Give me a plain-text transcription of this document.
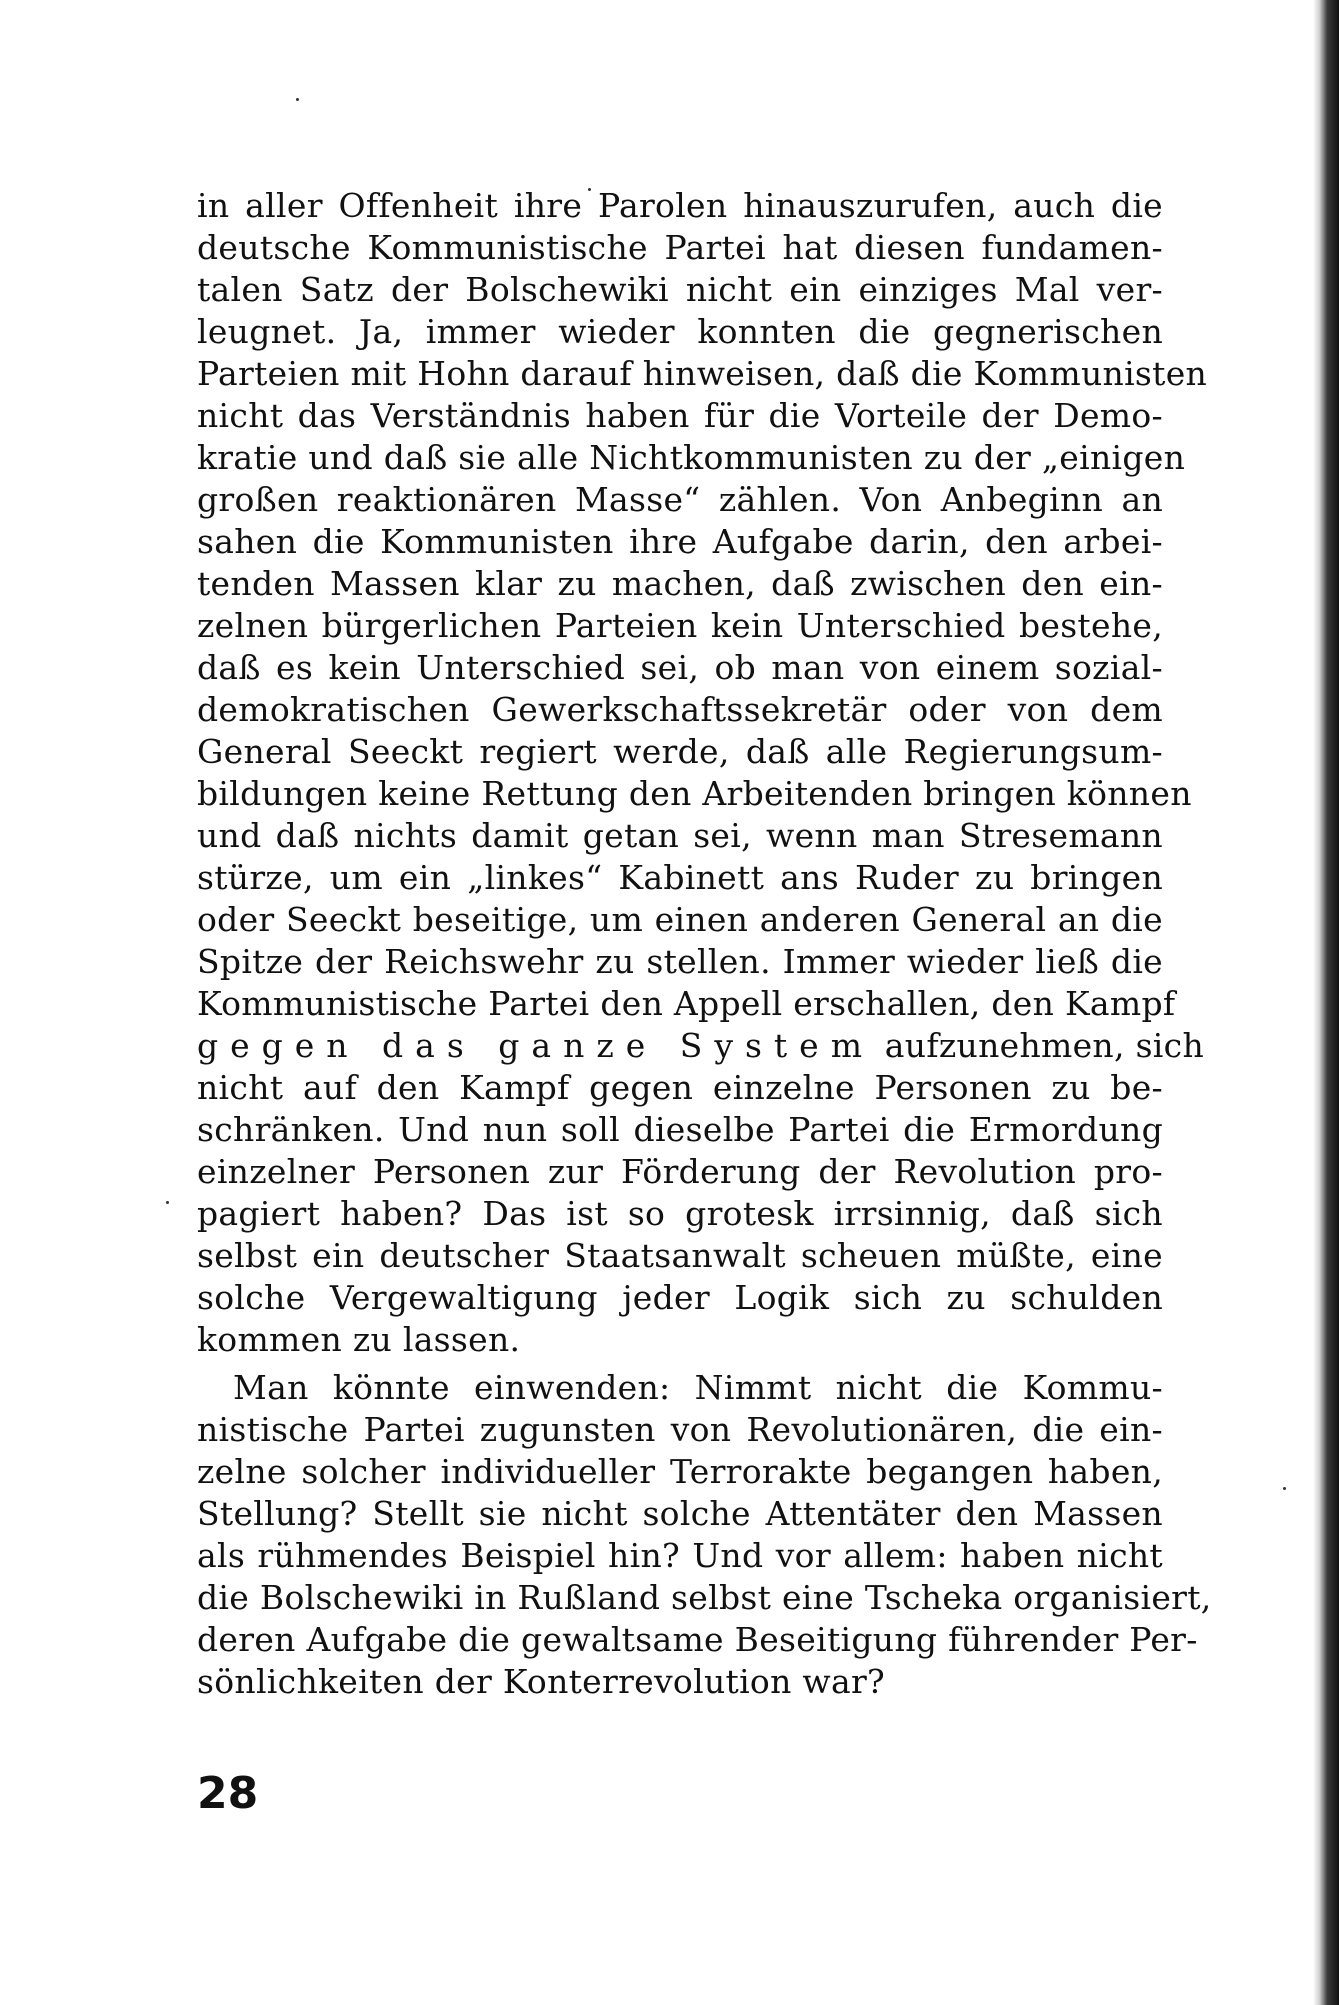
in aller Offenheit ihre Parolen hinauszurufen, auch die
deutsche Kommunistische Partei hat diesen fundamen-
talen Satz der Bolschewiki nicht ein einziges Mal ver-
leugnet. Ja, immer wieder konnten die gegnerischen
Parteien mit Hohn darauf hinweisen, daß die Kommunisten
nicht das Verständnis haben für die Vorteile der Demo-
kratie und daß sie alle Nichtkommunisten zu der „einigen
großen reaktionären Masse“ zählen. Von Anbeginn an
sahen die Kommunisten ihre Aufgabe darin, den arbei-
tenden Massen klar zu machen, daß zwischen den ein-
zelnen bürgerlichen Parteien kein Unterschied bestehe,
daß es kein Unterschied sei, ob man von einem sozial-
demokratischen Gewerkschaftssekretär oder von dem
General Seeckt regiert werde, daß alle Regierungsum-
bildungen keine Rettung den Arbeitenden bringen können
und daß nichts damit getan sei, wenn man Stresemann
stürze, um ein „linkes“ Kabinett ans Ruder zu bringen
oder Seeckt beseitige, um einen anderen General an die
Spitze der Reichswehr zu stellen. Immer wieder ließ die
Kommunistische Partei den Appell erschallen, den Kampf
gegen das ganze System aufzunehmen, sich
nicht auf den Kampf gegen einzelne Personen zu be-
schränken. Und nun soll dieselbe Partei die Ermordung
einzelner Personen zur Förderung der Revolution pro-
pagiert haben? Das ist so grotesk irrsinnig, daß sich
selbst ein deutscher Staatsanwalt scheuen müßte, eine
solche Vergewaltigung jeder Logik sich zu schulden
kommen zu lassen.
Man könnte einwenden: Nimmt nicht die Kommu-
nistische Partei zugunsten von Revolutionären, die ein-
zelne solcher individueller Terrorakte begangen haben,
Stellung? Stellt sie nicht solche Attentäter den Massen
als rühmendes Beispiel hin? Und vor allem: haben nicht
die Bolschewiki in Rußland selbst eine Tscheka organisiert,
deren Aufgabe die gewaltsame Beseitigung führender Per-
sönlichkeiten der Konterrevolution war?
28
